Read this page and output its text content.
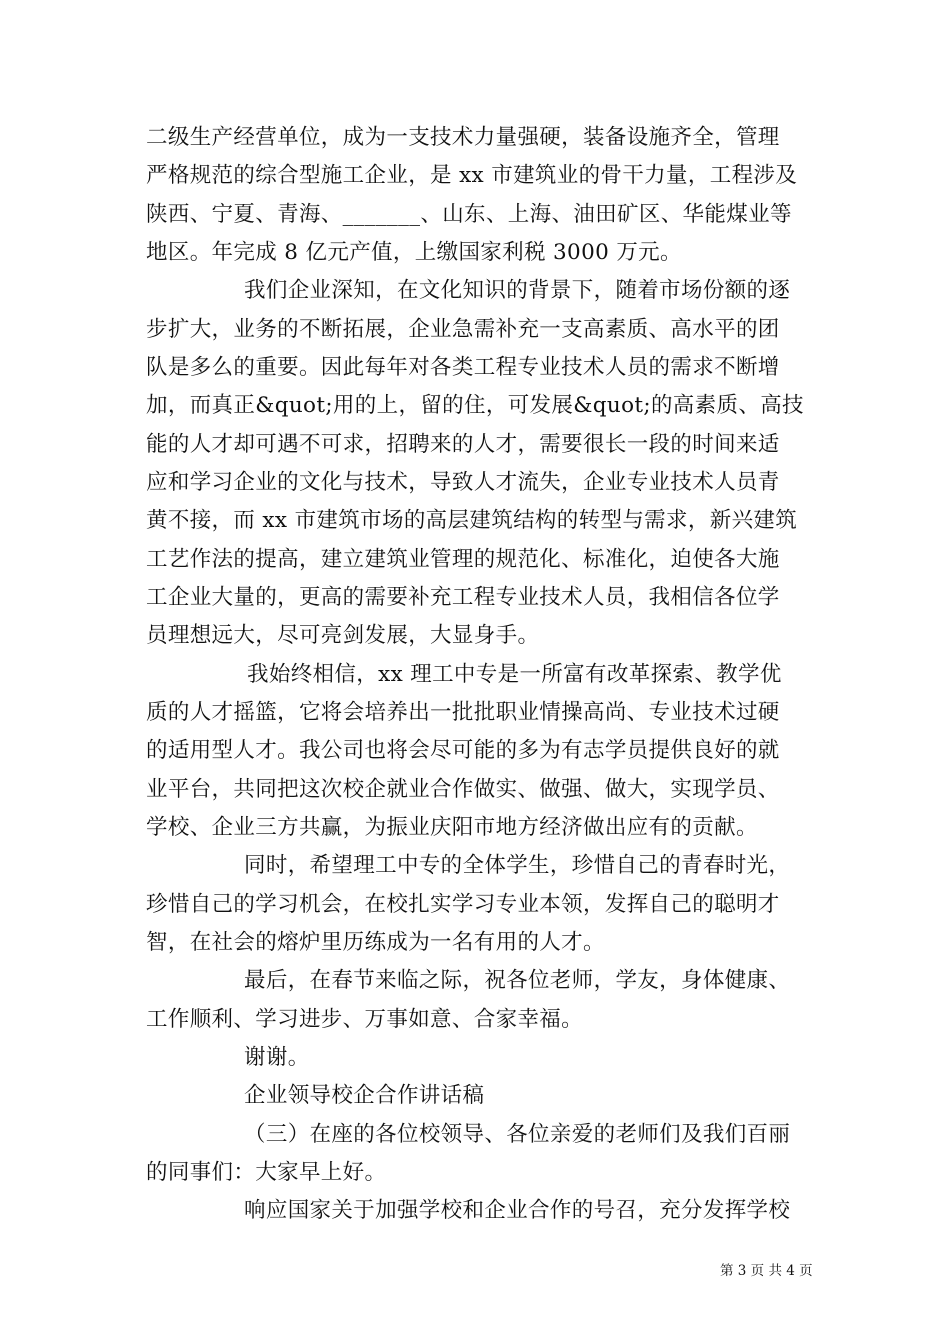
二级生产经营单位，成为一支技术力量强硬，装备设施齐全，管理
严格规范的综合型施工企业，是 xx 市建筑业的骨干力量，工程涉及
陕西、宁夏、青海、_______、山东、上海、油田矿区、华能煤业等
地区。年完成 8 亿元产值，上缴国家利税 3000 万元。
我们企业深知，在文化知识的背景下，随着市场份额的逐
步扩大，业务的不断拓展，企业急需补充一支高素质、高水平的团
队是多么的重要。因此每年对各类工程专业技术人员的需求不断增
加，而真正&quot;用的上，留的住，可发展&quot;的高素质、高技
能的人才却可遇不可求，招聘来的人才，需要很长一段的时间来适
应和学习企业的文化与技术，导致人才流失，企业专业技术人员青
黄不接，而 xx 市建筑市场的高层建筑结构的转型与需求，新兴建筑
工艺作法的提高，建立建筑业管理的规范化、标准化，迫使各大施
工企业大量的，更高的需要补充工程专业技术人员，我相信各位学
员理想远大，尽可亮剑发展，大显身手。
我始终相信，xx 理工中专是一所富有改革探索、教学优
质的人才摇篮，它将会培养出一批批职业情操高尚、专业技术过硬
的适用型人才。我公司也将会尽可能的多为有志学员提供良好的就
业平台，共同把这次校企就业合作做实、做强、做大，实现学员、
学校、企业三方共赢，为振业庆阳市地方经济做出应有的贡献。
同时，希望理工中专的全体学生，珍惜自己的青春时光，
珍惜自己的学习机会，在校扎实学习专业本领，发挥自己的聪明才
智，在社会的熔炉里历练成为一名有用的人才。
最后，在春节来临之际，祝各位老师，学友，身体健康、
工作顺利、学习进步、万事如意、合家幸福。
谢谢。
企业领导校企合作讲话稿
（三）在座的各位校领导、各位亲爱的老师们及我们百丽
的同事们：大家早上好。
响应国家关于加强学校和企业合作的号召，充分发挥学校
第 3 页 共 4 页
